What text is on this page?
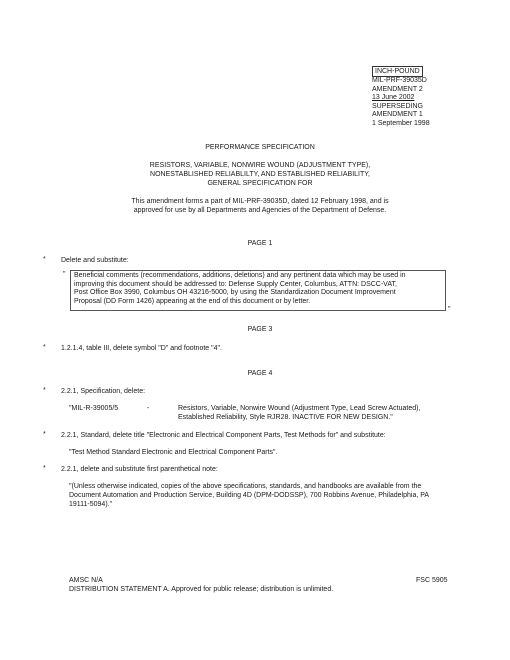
INCH-POUND
MIL-PRF-39035D
AMENDMENT 2
13 June 2002
SUPERSEDING
AMENDMENT 1
1 September 1998
PERFORMANCE SPECIFICATION
RESISTORS, VARIABLE, NONWIRE WOUND (ADJUSTMENT TYPE),
NONESTABLISHED RELIABLILTY, AND ESTABLISHED RELIABILITY,
GENERAL SPECIFICATION FOR
This amendment forms a part of MIL-PRF-39035D, dated 12 February 1998, and is
approved for use by all Departments and Agencies of the Department of Defense.
PAGE 1
* Delete and substitute:
" Beneficial comments (recommendations, additions, deletions) and any pertinent data which may be used in
improving this document should be addressed to: Defense Supply Center, Columbus, ATTN: DSCC-VAT,
Post Office Box 3990, Columbus OH 43216-5000, by using the Standardization Document Improvement
Proposal (DD Form 1426) appearing at the end of this document or by letter.
"
PAGE 3
* 1.2.1.4, table III, delete symbol "D" and footnote "4".
PAGE 4
* 2.2.1, Specification, delete:
"MIL-R-39005/5	-	Resistors, Variable, Nonwire Wound (Adjustment Type, Lead Screw Actuated),
Established Reliability, Style RJR28. INACTIVE FOR NEW DESIGN."
* 2.2.1, Standard, delete title "Electronic and Electrical Component Parts, Test Methods for" and substitute:
"Test Method Standard Electronic and Electrical Component Parts".
* 2.2.1, delete and substitute first parenthetical note:
"(Unless otherwise indicated, copies of the above specifications, standards, and handbooks are available from the
Document Automation and Production Service, Building 4D (DPM-DODSSP), 700 Robbins Avenue, Philadelphia, PA
19111-5094)."
AMSC N/A	FSC 5905
DISTRIBUTION STATEMENT A. Approved for public release; distribution is unlimited.
